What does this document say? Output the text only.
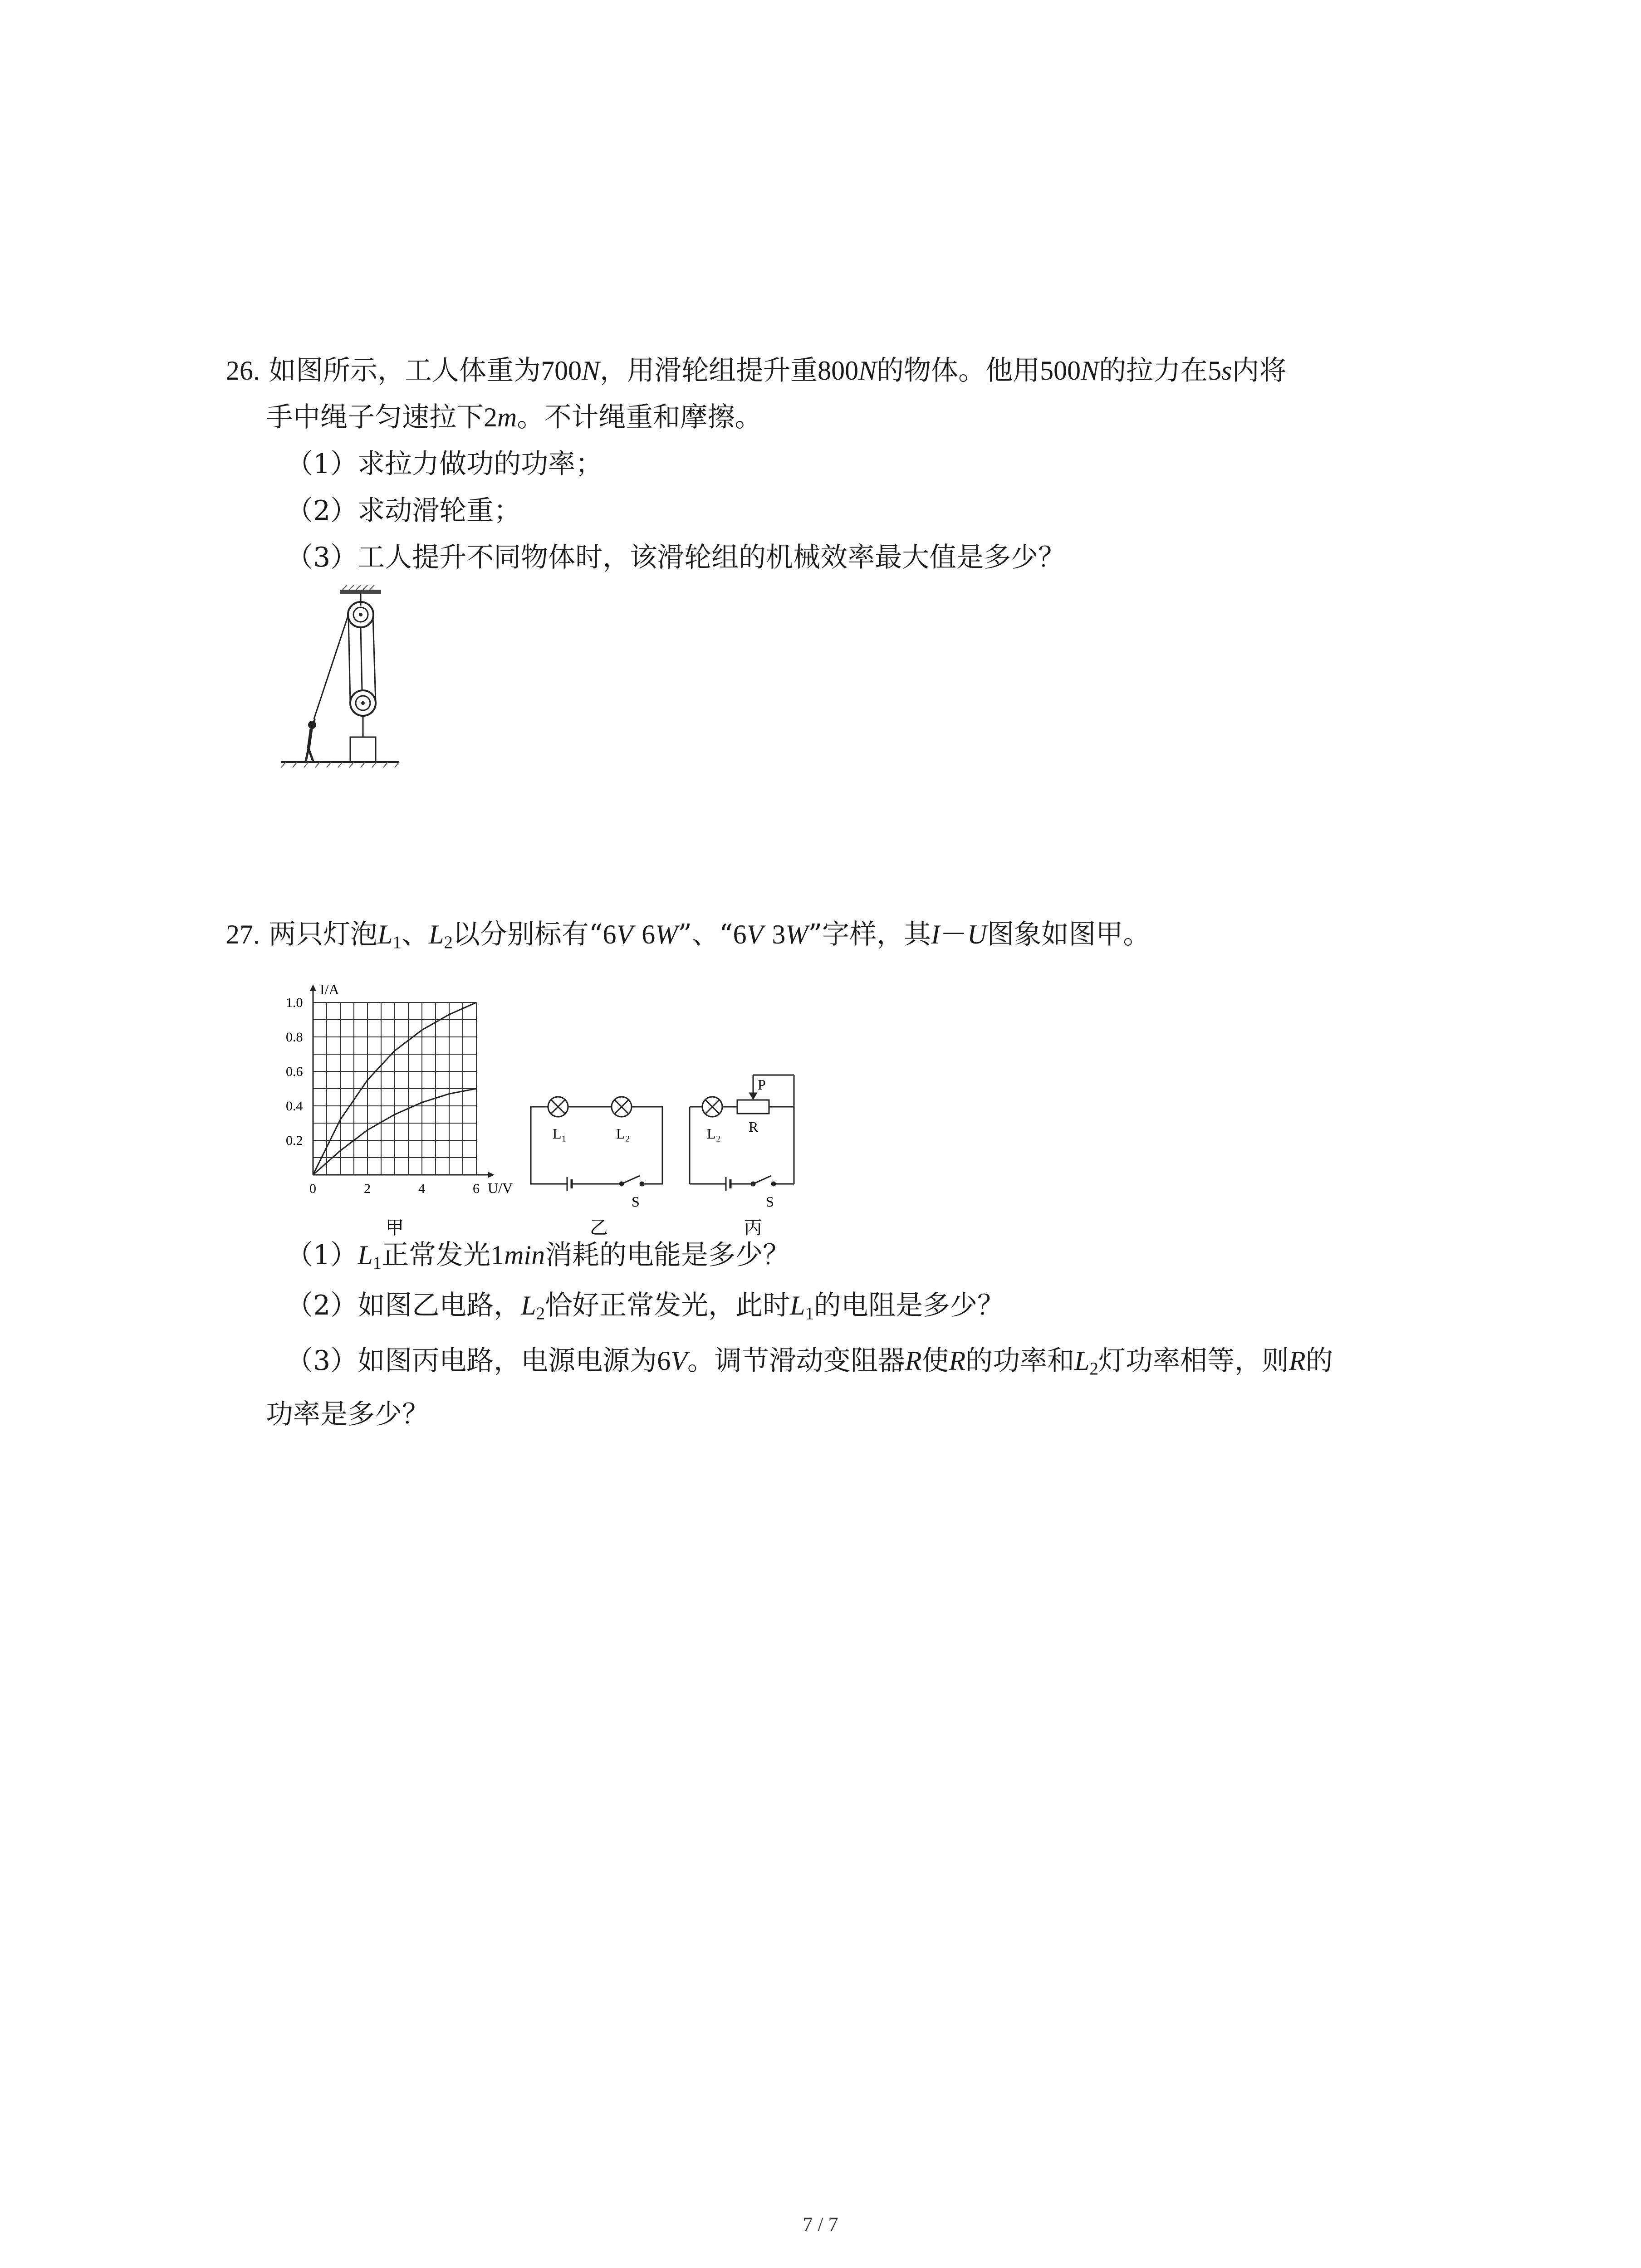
26. 如图所示，工人体重为700N，用滑轮组提升重800N的物体。他用500N的拉力在5s内将
手中绳子匀速拉下2m。不计绳重和摩擦。
（1）求拉力做功的功率；
（2）求动滑轮重；
（3）工人提升不同物体时，该滑轮组的机械效率最大值是多少？
27. 两只灯泡$L_1$、$L_2$以分别标有“6V 6W”、“6V 3W”字样，其I－U图象如图甲。
0	2	4	6
0.2
0.4
0.6
0.8
1.0
U/V
I/A
甲
L₁	L₂
S
乙
L₂
P
R
S
丙
$(1)L_1$正常发光1min消耗的电能是多少？
（2）如图乙电路，$L_2$恰好正常发光，此时$L_1$的电阻是多少？
（3）如图丙电路，电源电源为6V。调节滑动变阻器R使R的功率和$L_2$灯功率相等，则R的
功率是多少？
7 / 7
